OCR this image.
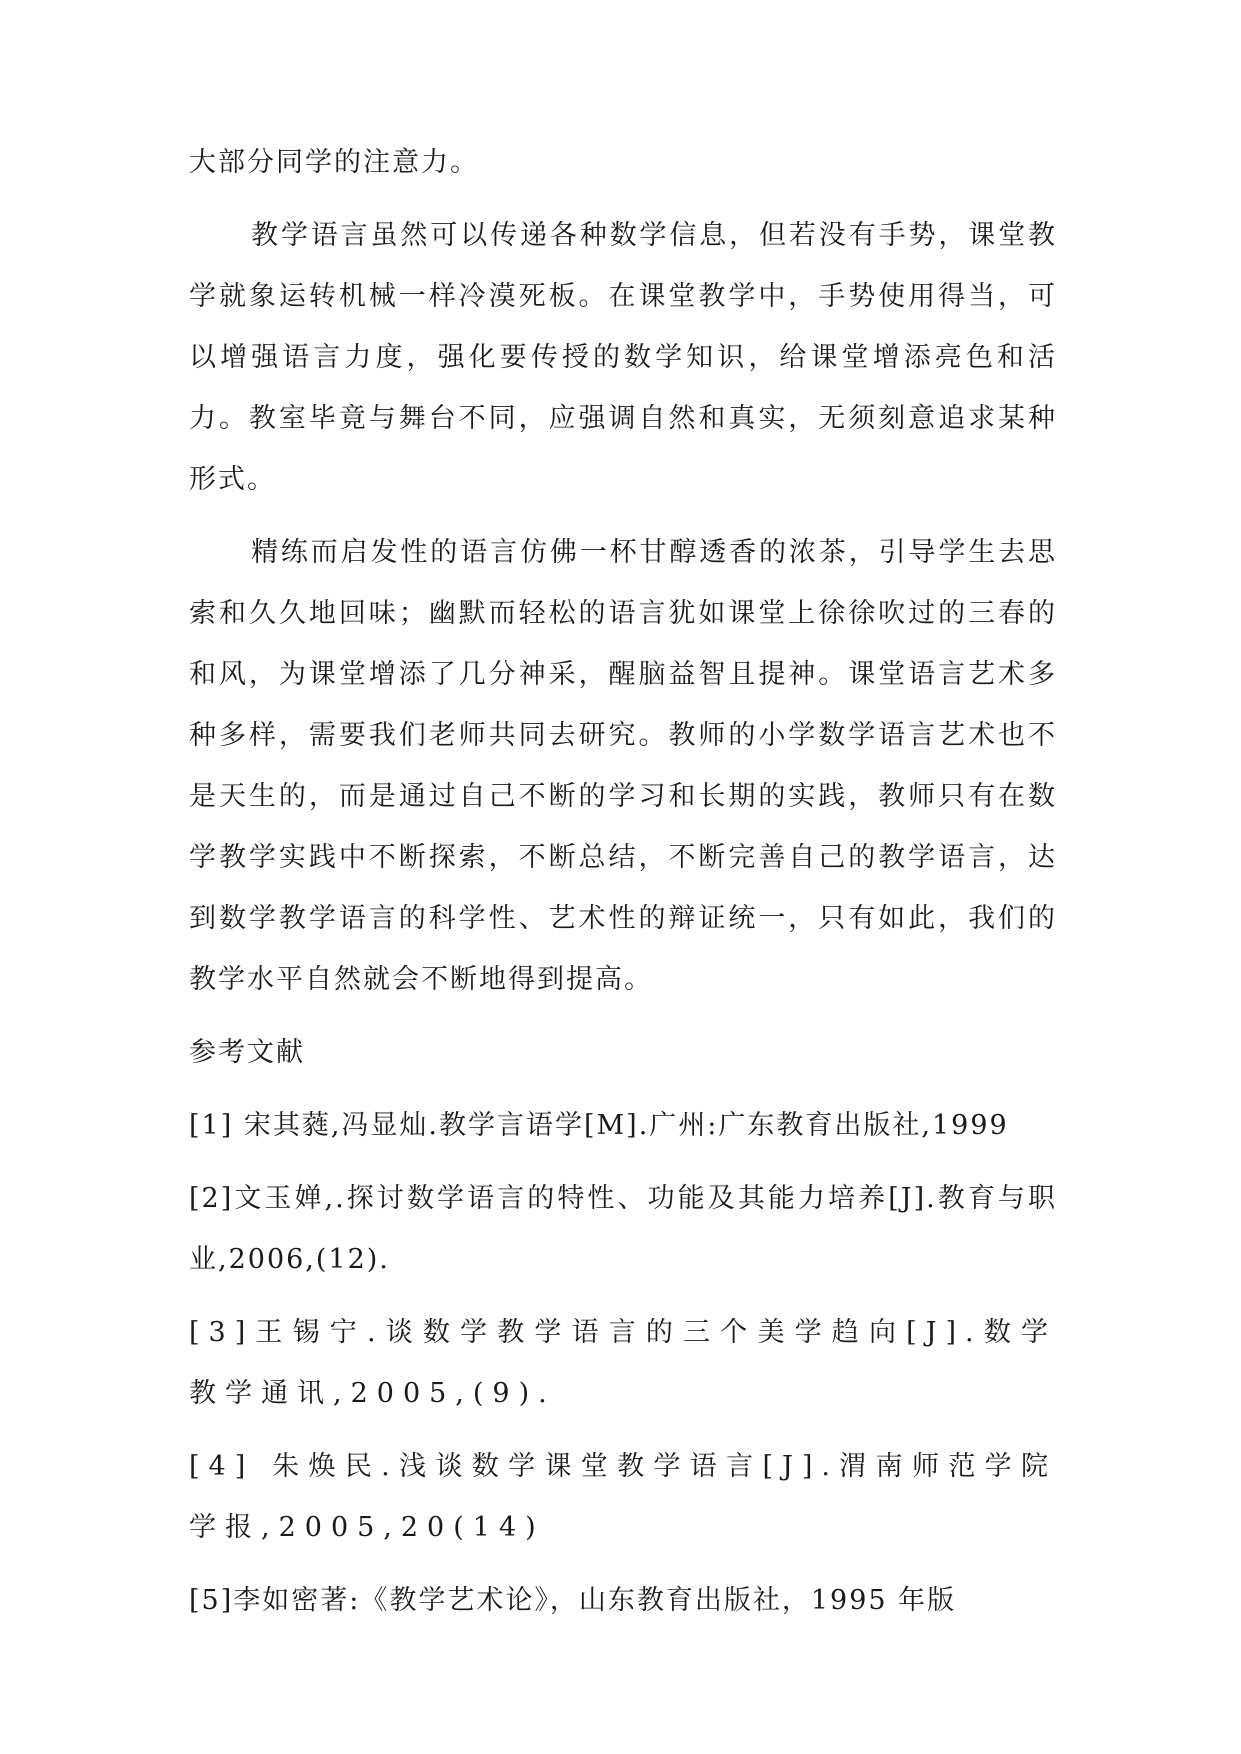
大部分同学的注意力。

教学语言虽然可以传递各种数学信息，但若没有手势，课堂教学就象运转机械一样冷漠死板。在课堂教学中，手势使用得当，可以增强语言力度，强化要传授的数学知识，给课堂增添亮色和活力。教室毕竟与舞台不同，应强调自然和真实，无须刻意追求某种形式。

精练而启发性的语言仿佛一杯甘醇透香的浓茶，引导学生去思索和久久地回味；幽默而轻松的语言犹如课堂上徐徐吹过的三春的和风，为课堂增添了几分神采，醒脑益智且提神。课堂语言艺术多种多样，需要我们老师共同去研究。教师的小学数学语言艺术也不是天生的，而是通过自己不断的学习和长期的实践，教师只有在数学教学实践中不断探索，不断总结，不断完善自己的教学语言，达到数学教学语言的科学性、艺术性的辩证统一，只有如此，我们的教学水平自然就会不断地得到提高。

参考文献

[1] 宋其蕤,冯显灿.教学言语学[M].广州:广东教育出版社,1999

[2]文玉婵,.探讨数学语言的特性、功能及其能力培养[J].教育与职业,2006,(12).

[3]王锡宁.谈数学教学语言的三个美学趋向[J].数学教学通讯,2005,(9).

[4] 朱焕民.浅谈数学课堂教学语言[J].渭南师范学院学报,2005,20(14)

[5]李如密著:《教学艺术论》，山东教育出版社，1995 年版
